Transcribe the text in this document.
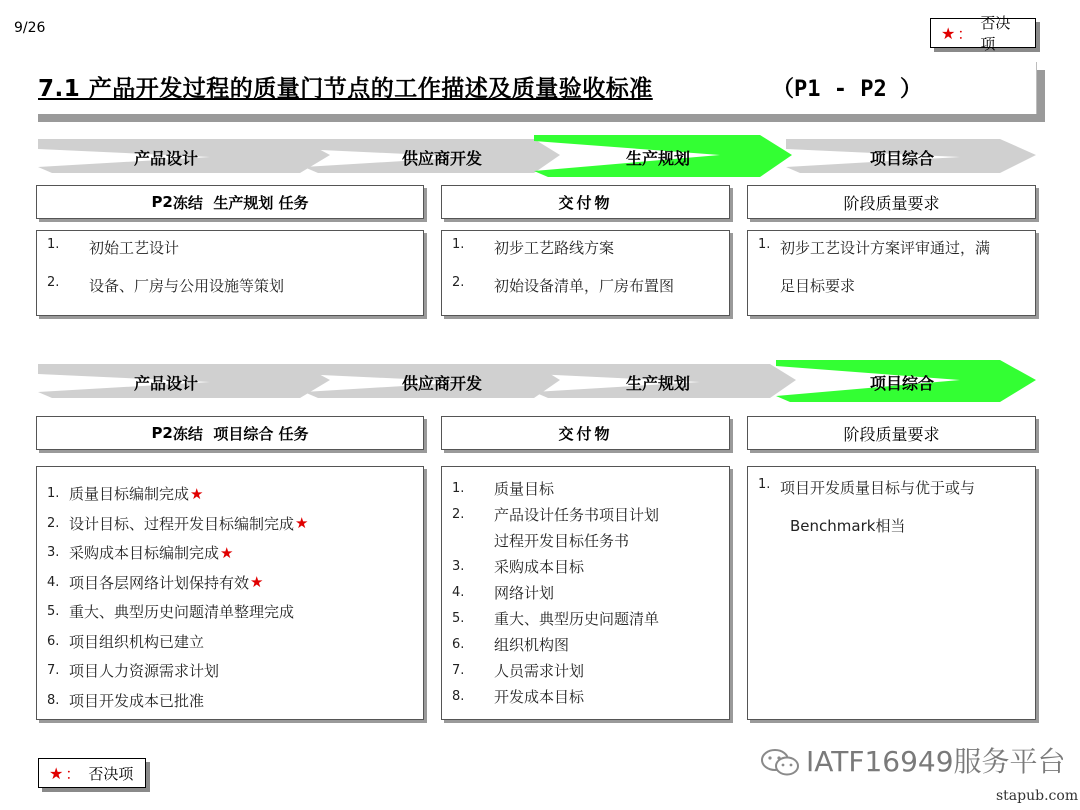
9/26	★ ：
否决项
7.1 产品开发过程的质量门节点的工作描述及质量验收标准	（P1 - P2 ）
产品设计	供应商开发	生产规划	项目综合
P2 冻结  生产规划 任务	交付物	阶段质量要求
1.	初始工艺设计
2.	设备、厂房与公用设施等策划
1.	初步工艺路线方案
2.	初始设备清单，厂房布置图
1. 初步工艺设计方案评审通过，满
足目标要求
产品设计	供应商开发	生产规划	项目综合
P2 冻结  项目综合 任务	交付物	阶段质量要求
1. 质量目标编制完成 ★
2. 设计目标、过程开发目标编制完成 ★
3. 采购成本目标编制完成 ★
4. 项目各层网络计划保持有效 ★
5. 重大、典型历史问题清单整理完成
6. 项目组织机构已建立
7. 项目人力资源需求计划
8. 项目开发成本已批准
1.	质量目标
2.	产品设计任务书项目计划
过程开发目标任务书
3.	采购成本目标
4.	网络计划
5.	重大、典型历史问题清单
6.	组织机构图
7.	人员需求计划
8.	开发成本目标
1. 项目开发质量目标与优于或与
Benchmark相当
★ ： 否决项	IATF16949服务平台
stapub.com
